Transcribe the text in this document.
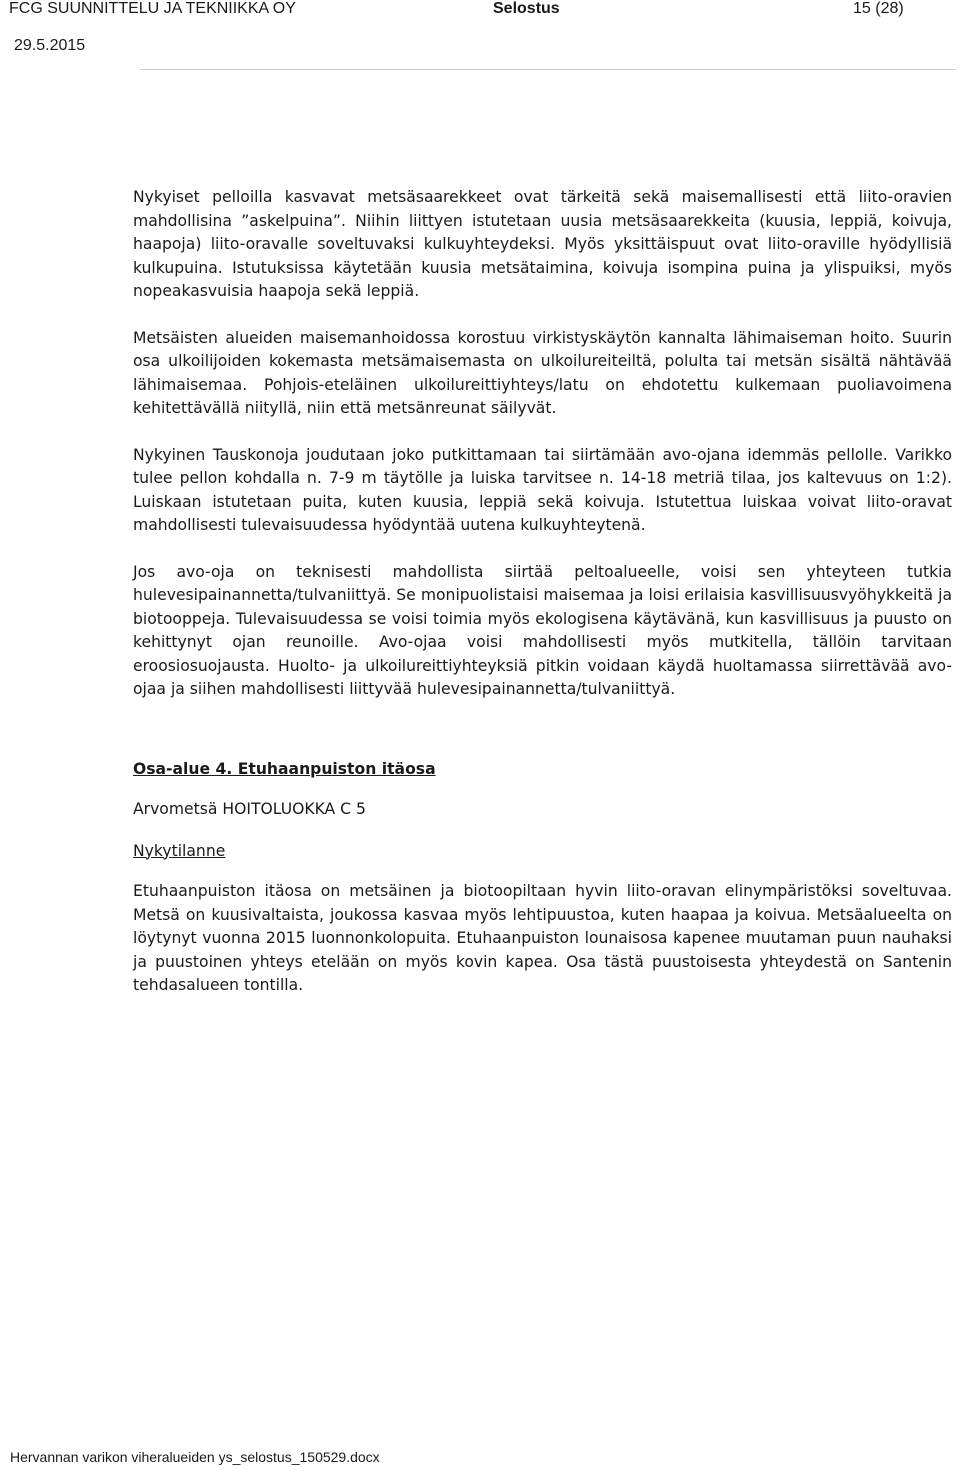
FCG SUUNNITTELU JA TEKNIIKKA OY	Selostus	15 (28)
29.5.2015

Nykyiset pelloilla kasvavat metsäsaarekkeet ovat tärkeitä sekä maisemallisesti että liito-oravien mahdollisina ”askelpuina”. Niihin liittyen istutetaan uusia metsäsaarekkeita (kuusia, leppiä, koivuja, haapoja) liito-oravalle soveltuvaksi kulkuyhteydeksi. Myös yksittäispuut ovat liito-oraville hyödyllisiä kulkupuina. Istutuksissa käytetään kuusia metsätaimina, koivuja isompina puina ja ylispuiksi, myös nopeakasvuisia haapoja sekä leppiä.

Metsäisten alueiden maisemanhoidossa korostuu virkistyskäytön kannalta lähimaiseman hoito. Suurin osa ulkoilijoiden kokemasta metsämaisemasta on ulkoilureiteiltä, polulta tai metsän sisältä nähtävää lähimaisemaa. Pohjois-eteläinen ulkoilureittiyhteys/latu on ehdotettu kulkemaan puoliavoimena kehitettävällä niityllä, niin että metsänreunat säilyvät.

Nykyinen Tauskonoja joudutaan joko putkittamaan tai siirtämään avo-ojana idemmäs pellolle. Varikko tulee pellon kohdalla n. 7-9 m täytölle ja luiska tarvitsee n. 14-18 metriä tilaa, jos kaltevuus on 1:2). Luiskaan istutetaan puita, kuten kuusia, leppiä sekä koivuja. Istutettua luiskaa voivat liito-oravat mahdollisesti tulevaisuudessa hyödyntää uutena kulkuyhteytenä.

Jos avo-oja on teknisesti mahdollista siirtää peltoalueelle, voisi sen yhteyteen tutkia hulevesipainannetta/tulvaniittyä. Se monipuolistaisi maisemaa ja loisi erilaisia kasvillisuusvyöhykkeitä ja biotooppeja. Tulevaisuudessa se voisi toimia myös ekologisena käytävänä, kun kasvillisuus ja puusto on kehittynyt ojan reunoille. Avo-ojaa voisi mahdollisesti myös mutkitella, tällöin tarvitaan eroosiosuojausta. Huolto- ja ulkoilureittiyhteyksiä pitkin voidaan käydä huoltamassa siirrettävää avo-ojaa ja siihen mahdollisesti liittyvää hulevesipainannetta/tulvaniittyä.

Osa-alue 4. Etuhaanpuiston itäosa

Arvometsä HOITOLUOKKA C 5

Nykytilanne

Etuhaanpuiston itäosa on metsäinen ja biotoopiltaan hyvin liito-oravan elinympäristöksi soveltuvaa. Metsä on kuusivaltaista, joukossa kasvaa myös lehtipuustoa, kuten haapaa ja koivua. Metsäalueelta on löytynyt vuonna 2015 luonnonkolopuita. Etuhaanpuiston lounaisosa kapenee muutaman puun nauhaksi ja puustoinen yhteys etelään on myös kovin kapea. Osa tästä puustoisesta yhteydestä on Santenin tehdasalueen tontilla.

Hervannan varikon viheralueiden ys_selostus_150529.docx
